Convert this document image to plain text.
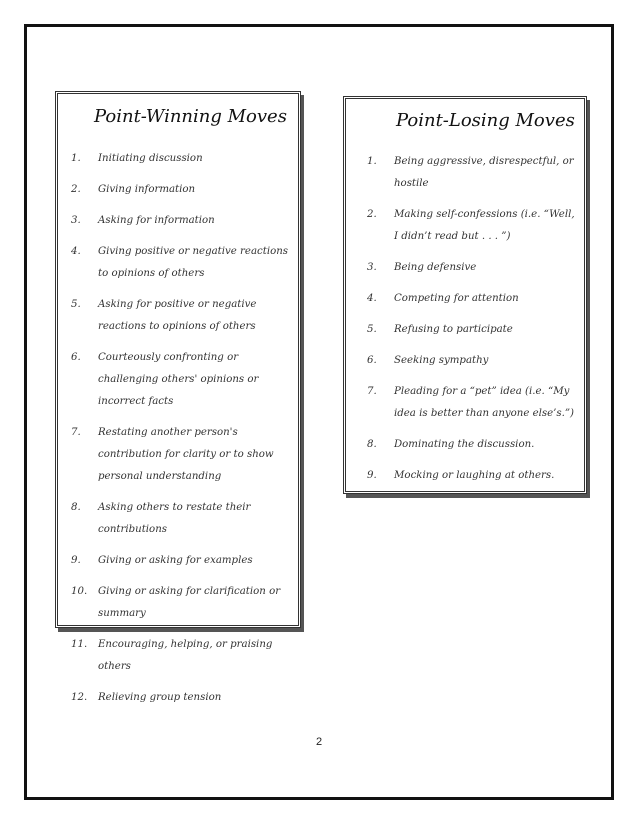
Point-Winning Moves
1. Initiating discussion
2. Giving information
3. Asking for information
4. Giving positive or negative reactions to opinions of others
5. Asking for positive or negative reactions to opinions of others
6. Courteously confronting or challenging others' opinions or incorrect facts
7. Restating another person's contribution for clarity or to show personal understanding
8. Asking others to restate their contributions
9. Giving or asking for examples
10. Giving or asking for clarification or summary
11. Encouraging, helping, or praising others
12. Relieving group tension
Point-Losing Moves
1. Being aggressive, disrespectful, or hostile
2. Making self-confessions (i.e. “Well, I didn’t read but . . . ”)
3. Being defensive
4. Competing for attention
5. Refusing to participate
6. Seeking sympathy
7. Pleading for a “pet” idea (i.e. “My idea is better than anyone else’s.”)
8. Dominating the discussion.
9. Mocking or laughing at others.
2
